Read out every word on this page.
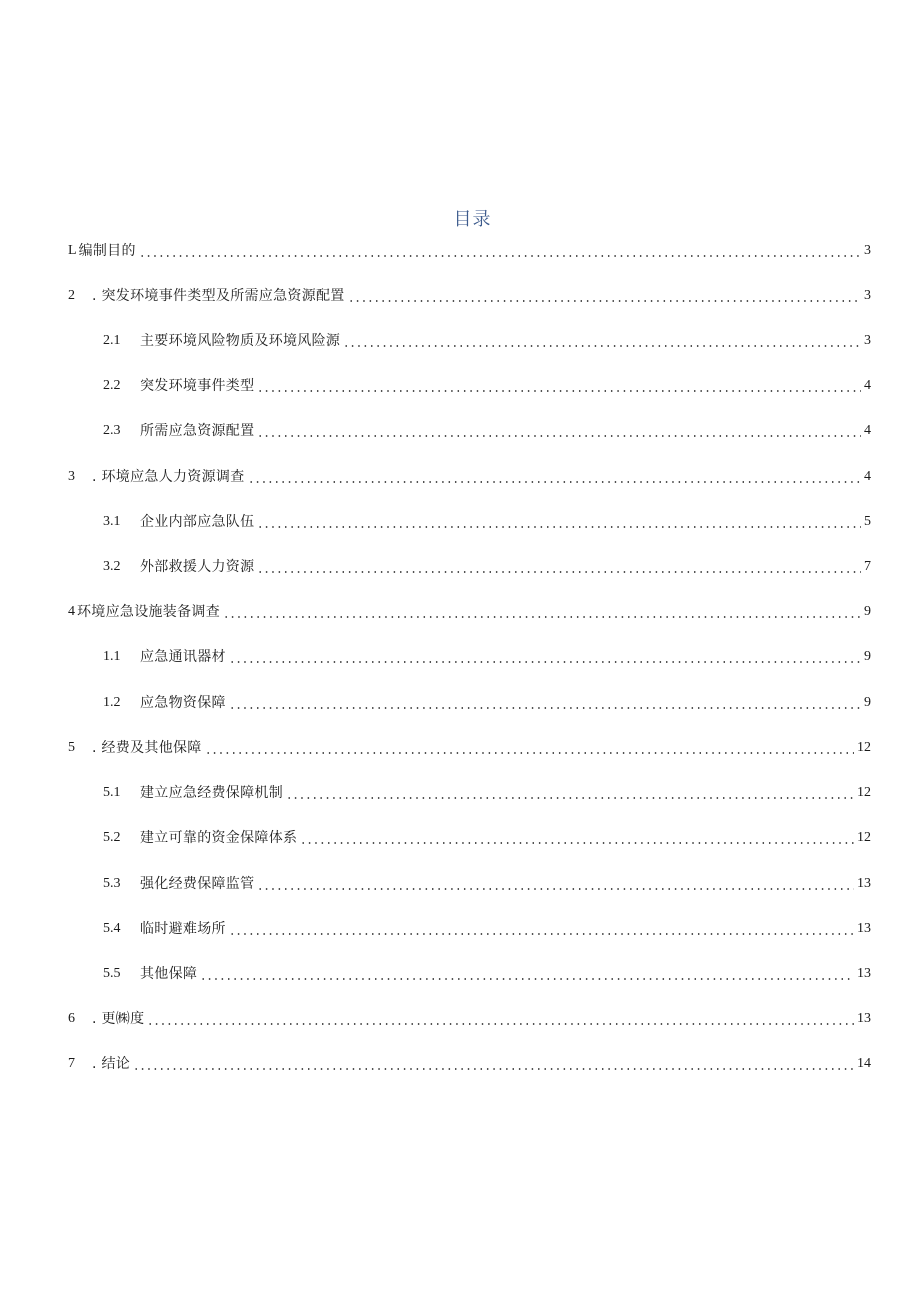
目录
L 编制目的	3
2	. 突发环境事件类型及所需应急资源配置	3
2.1	主要环境风险物质及环境风险源	3
2.2	突发环境事件类型	4
2.3	所需应急资源配置	4
3	. 环境应急人力资源调查	4
3.1	企业内部应急队伍	5
3.2	外部救援人力资源	7
4 环境应急设施装备调查	9
1.1	应急通讯器材	9
1.2	应急物资保障	9
5	. 经费及其他保障	12
5.1	建立应急经费保障机制	12
5.2	建立可靠的资金保障体系	12
5.3	强化经费保障监管	13
5.4	临时避难场所	13
5.5	其他保障	13
6	. 更㈱度	13
7	. 结论	14
